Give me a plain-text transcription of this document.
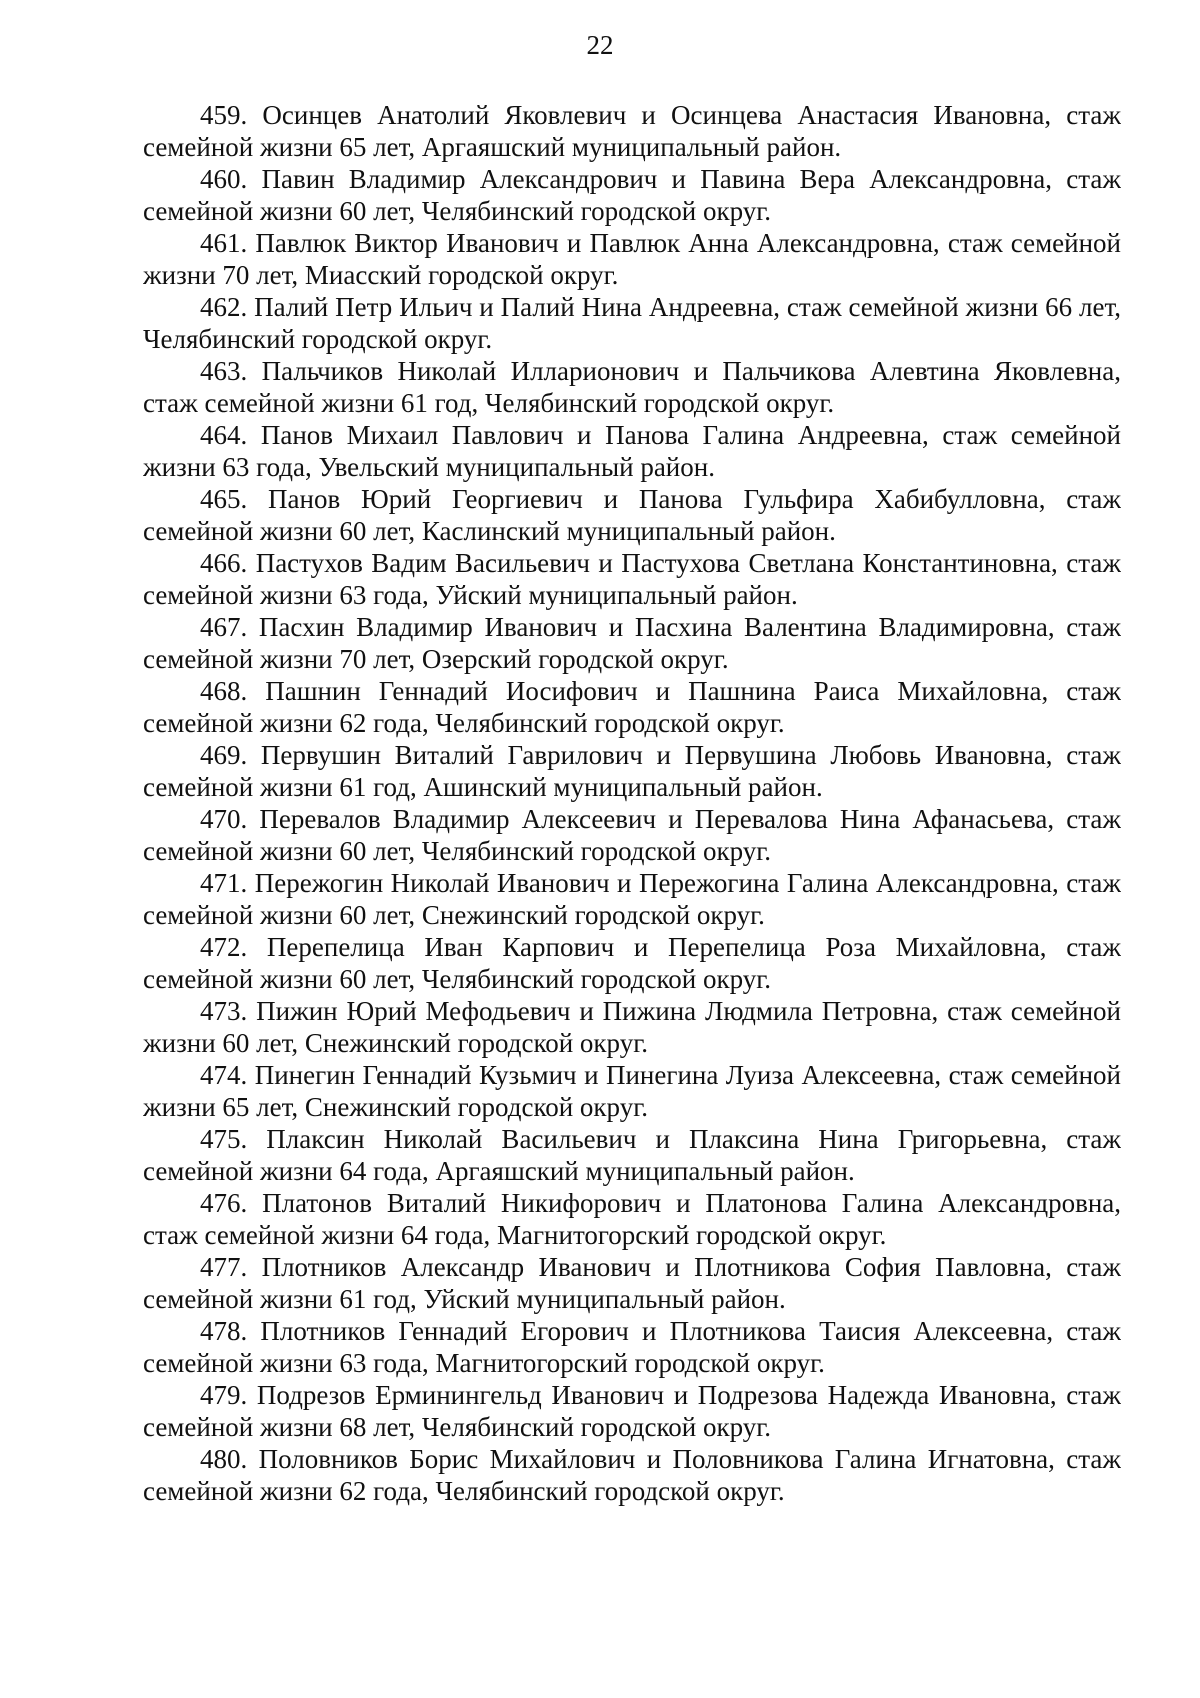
22

459. Осинцев Анатолий Яковлевич и Осинцева Анастасия Ивановна, стаж семейной жизни 65 лет, Аргаяшский муниципальный район.

460. Павин Владимир Александрович и Павина Вера Александровна, стаж семейной жизни 60 лет, Челябинский городской округ.

461. Павлюк Виктор Иванович и Павлюк Анна Александровна, стаж семейной жизни 70 лет, Миасский городской округ.

462. Палий Петр Ильич и Палий Нина Андреевна, стаж семейной жизни 66 лет, Челябинский городской округ.

463. Пальчиков Николай Илларионович и Пальчикова Алевтина Яковлевна, стаж семейной жизни 61 год, Челябинский городской округ.

464. Панов Михаил Павлович и Панова Галина Андреевна, стаж семейной жизни 63 года, Увельский муниципальный район.

465. Панов Юрий Георгиевич и Панова Гульфира Хабибулловна, стаж семейной жизни 60 лет, Каслинский муниципальный район.

466. Пастухов Вадим Васильевич и Пастухова Светлана Константиновна, стаж семейной жизни 63 года, Уйский муниципальный район.

467. Пасхин Владимир Иванович и Пасхина Валентина Владимировна, стаж семейной жизни 70 лет, Озерский городской округ.

468. Пашнин Геннадий Иосифович и Пашнина Раиса Михайловна, стаж семейной жизни 62 года, Челябинский городской округ.

469. Первушин Виталий Гаврилович и Первушина Любовь Ивановна, стаж семейной жизни 61 год, Ашинский муниципальный район.

470. Перевалов Владимир Алексеевич и Перевалова Нина Афанасьева, стаж семейной жизни 60 лет, Челябинский городской округ.

471. Пережогин Николай Иванович и Пережогина Галина Александровна, стаж семейной жизни 60 лет, Снежинский городской округ.

472. Перепелица Иван Карпович и Перепелица Роза Михайловна, стаж семейной жизни 60 лет, Челябинский городской округ.

473. Пижин Юрий Мефодьевич и Пижина Людмила Петровна, стаж семейной жизни 60 лет, Снежинский городской округ.

474. Пинегин Геннадий Кузьмич и Пинегина Луиза Алексеевна, стаж семейной жизни 65 лет, Снежинский городской округ.

475. Плаксин Николай Васильевич и Плаксина Нина Григорьевна, стаж семейной жизни 64 года, Аргаяшский муниципальный район.

476. Платонов Виталий Никифорович и Платонова Галина Александровна, стаж семейной жизни 64 года, Магнитогорский городской округ.

477. Плотников Александр Иванович и Плотникова София Павловна, стаж семейной жизни 61 год, Уйский муниципальный район.

478. Плотников Геннадий Егорович и Плотникова Таисия Алексеевна, стаж семейной жизни 63 года, Магнитогорский городской округ.

479. Подрезов Ерминингельд Иванович и Подрезова Надежда Ивановна, стаж семейной жизни 68 лет, Челябинский городской округ.

480. Половников Борис Михайлович и Половникова Галина Игнатовна, стаж семейной жизни 62 года, Челябинский городской округ.
